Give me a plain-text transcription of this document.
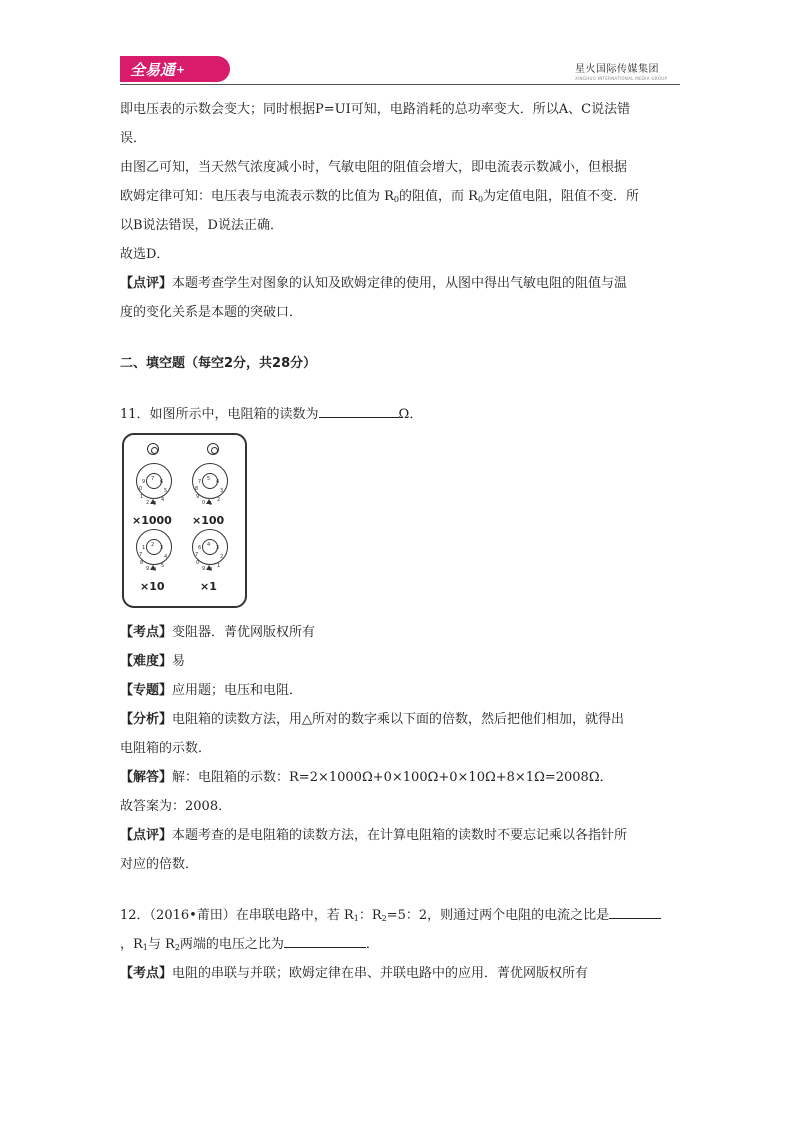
全易通 +	星火国际传媒集团
XINGHUO INTERNATIONAL MEDIA GROUP

即电压表的示数会变大；同时根据P=UI可知，电路消耗的总功率变大．所以A、C说法错

误．

由图乙可知，当天然气浓度减小时，气敏电阻的阻值会增大，即电流表示数减小，但根据

欧姆定律可知：电压表与电流表示数的比值为 $R_0$的阻值，而 $R_0$为定值电阻，阻值不变．所

以B说法错误，D说法正确．

故选D．

【点评】本题考查学生对图象的认知及欧姆定律的使用，从图中得出气敏电阻的阻值与温

度的变化关系是本题的突破口．

二、填空题（每空2分，共28分）

11．如图所示中，电阻箱的读数为	Ω．

7 6
5
4
3
2
1
0
9
×1000
5 4
3
2
1
0
9
8
7
×100
2 3
4
5
0
9
8
7
1
×10
4 3
2
1
8
9
0
7
6
×1

【考点】变阻器．菁优网版权所有

【难度】易

【专题】应用题；电压和电阻．

【分析】电阻箱的读数方法，用△所对的数字乘以下面的倍数，然后把他们相加，就得出

电阻箱的示数．

【解答】解：电阻箱的示数：R=2×1000Ω+0×100Ω+0×10Ω+8×1Ω=2008Ω．

故答案为：2008．

【点评】本题考查的是电阻箱的读数方法，在计算电阻箱的读数时不要忘记乘以各指针所

对应的倍数．

12．（2016•莆田）在串联电路中，若 $R_1$：$R_2=5$：2，则通过两个电阻的电流之比是

，$R_1$与 $R_2$两端的电压之比为	．

【考点】电阻的串联与并联；欧姆定律在串、并联电路中的应用．菁优网版权所有
